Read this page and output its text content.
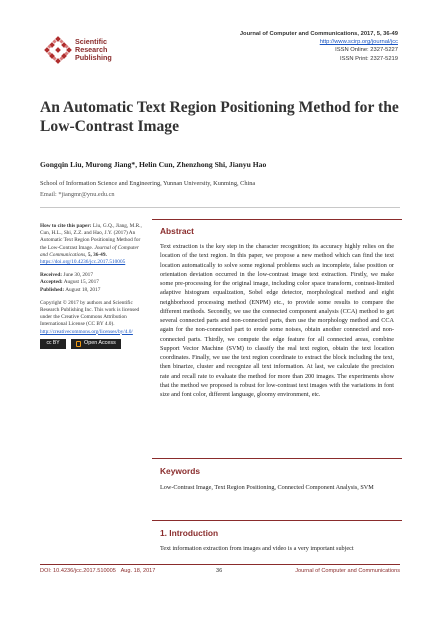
Scientific
Research
Publishing
Journal of Computer and Communications, 2017, 5, 36-49
http://www.scirp.org/journal/jcc
ISSN Online: 2327-5227
ISSN Print: 2327-5219
An Automatic Text Region Positioning Method for the Low-Contrast Image
Gongqin Liu, Murong Jiang*, Helin Cun, Zhenzhong Shi, Jianyu Hao
School of Information Science and Engineering, Yunnan University, Kunming, China
Email: *jiangmr@ynu.edu.cn
How to cite this paper: Liu, G.Q., Jiang, M.R., Cun, H.L., Shi, Z.Z. and Hao, J.Y. (2017) An Automatic Text Region Positioning Method for the Low-Contrast Image. Journal of Computer and Communications, 5, 36-49.
https://doi.org/10.4236/jcc.2017.510005
Received: June 30, 2017
Accepted: August 15, 2017
Published: August 18, 2017
Copyright © 2017 by authors and Scientific Research Publishing Inc. This work is licensed under the Creative Commons Attribution International License (CC BY 4.0).
http://creativecommons.org/licenses/by/4.0/
cc BY	Open Access
Abstract
Text extraction is the key step in the character recognition; its accuracy highly relies on the location of the text region. In this paper, we propose a new method which can find the text location automatically to solve some regional problems such as incomplete, false position or orientation deviation occurred in the low-contrast image text extraction. Firstly, we make some pre-processing for the original image, including color space transform, contrast-limited adaptive histogram equalization, Sobel edge detector, morphological method and eight neighborhood processing method (ENPM) etc., to provide some results to compare the different methods. Secondly, we use the connected component analysis (CCA) method to get several connected parts and non-connected parts, then use the morphology method and CCA again for the non-connected part to erode some noises, obtain another connected and non-connected parts. Thirdly, we compute the edge feature for all connected areas, combine Support Vector Machine (SVM) to classify the real text region, obtain the text location coordinates. Finally, we use the text region coordinate to extract the block including the text, then binarize, cluster and recognize all text information. At last, we calculate the precision rate and recall rate to evaluate the method for more than 200 images. The experiments show that the method we proposed is robust for low-contrast text images with the variations in font size and font color, different language, gloomy environment, etc.
Keywords
Low-Contrast Image, Text Region Positioning, Connected Component Analysis, SVM
1. Introduction
Text information extraction from images and video is a very important subject
DOI: 10.4236/jcc.2017.510005 Aug. 18, 2017	36	Journal of Computer and Communications
